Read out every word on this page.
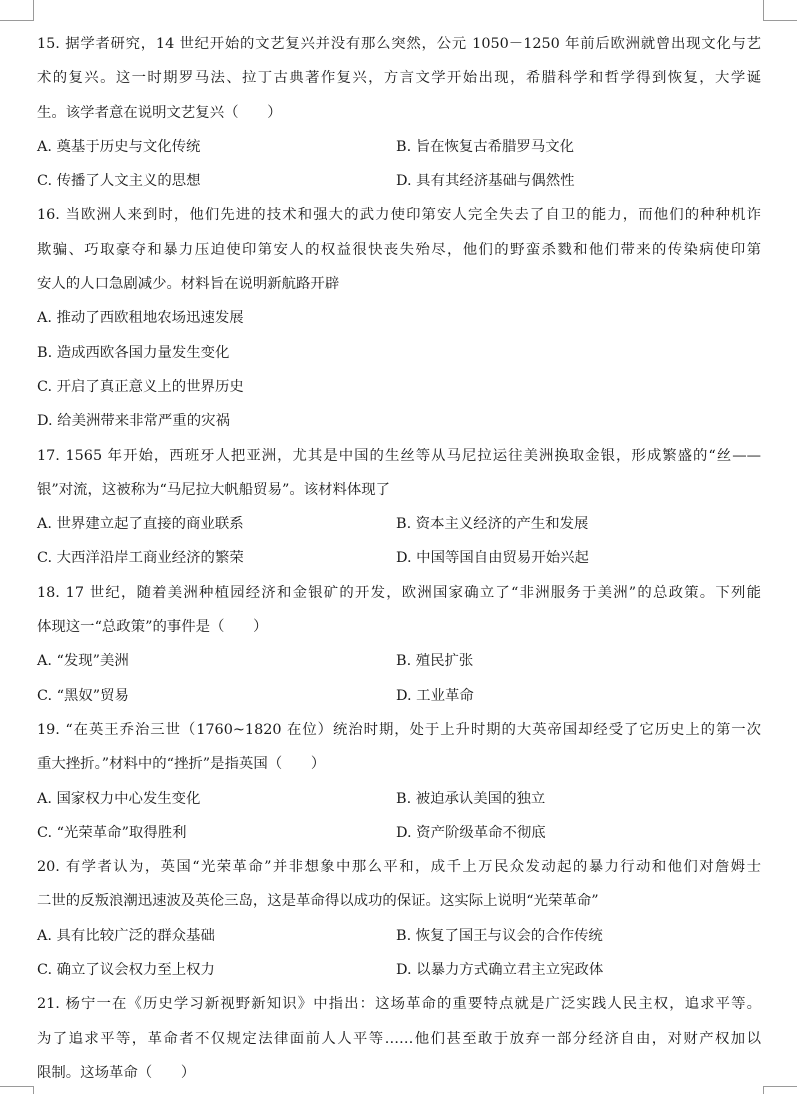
15. 据学者研究，14 世纪开始的文艺复兴并没有那么突然，公元 1050－1250 年前后欧洲就曾出现文化与艺
术的复兴。这一时期罗马法、拉丁古典著作复兴，方言文学开始出现，希腊科学和哲学得到恢复，大学诞
生。该学者意在说明文艺复兴（　　）
A. 奠基于历史与文化传统	B. 旨在恢复古希腊罗马文化
C. 传播了人文主义的思想	D. 具有其经济基础与偶然性
16. 当欧洲人来到时，他们先进的技术和强大的武力使印第安人完全失去了自卫的能力，而他们的种种机诈
欺骗、巧取豪夺和暴力压迫使印第安人的权益很快丧失殆尽，他们的野蛮杀戮和他们带来的传染病使印第
安人的人口急剧减少。材料旨在说明新航路开辟
A. 推动了西欧租地农场迅速发展
B. 造成西欧各国力量发生变化
C. 开启了真正意义上的世界历史
D. 给美洲带来非常严重的灾祸
17. 1565 年开始，西班牙人把亚洲，尤其是中国的生丝等从马尼拉运往美洲换取金银，形成繁盛的“丝——
银”对流，这被称为“马尼拉大帆船贸易”。该材料体现了
A. 世界建立起了直接的商业联系	B. 资本主义经济的产生和发展
C. 大西洋沿岸工商业经济的繁荣	D. 中国等国自由贸易开始兴起
18. 17 世纪，随着美洲种植园经济和金银矿的开发，欧洲国家确立了“非洲服务于美洲”的总政策。下列能
体现这一“总政策”的事件是（　　）
A. “发现”美洲	B. 殖民扩张
C. “黑奴”贸易	D. 工业革命
19. “在英王乔治三世（1760~1820 在位）统治时期，处于上升时期的大英帝国却经受了它历史上的第一次
重大挫折。”材料中的“挫折”是指英国（　　）
A. 国家权力中心发生变化	B. 被迫承认美国的独立
C. “光荣革命”取得胜利	D. 资产阶级革命不彻底
20. 有学者认为，英国“光荣革命”并非想象中那么平和，成千上万民众发动起的暴力行动和他们对詹姆士
二世的反叛浪潮迅速波及英伦三岛，这是革命得以成功的保证。这实际上说明“光荣革命”
A. 具有比较广泛的群众基础	B. 恢复了国王与议会的合作传统
C. 确立了议会权力至上权力	D. 以暴力方式确立君主立宪政体
21. 杨宁一在《历史学习新视野新知识》中指出：这场革命的重要特点就是广泛实践人民主权，追求平等。
为了追求平等，革命者不仅规定法律面前人人平等……他们甚至敢于放弃一部分经济自由，对财产权加以
限制。这场革命（　　）
